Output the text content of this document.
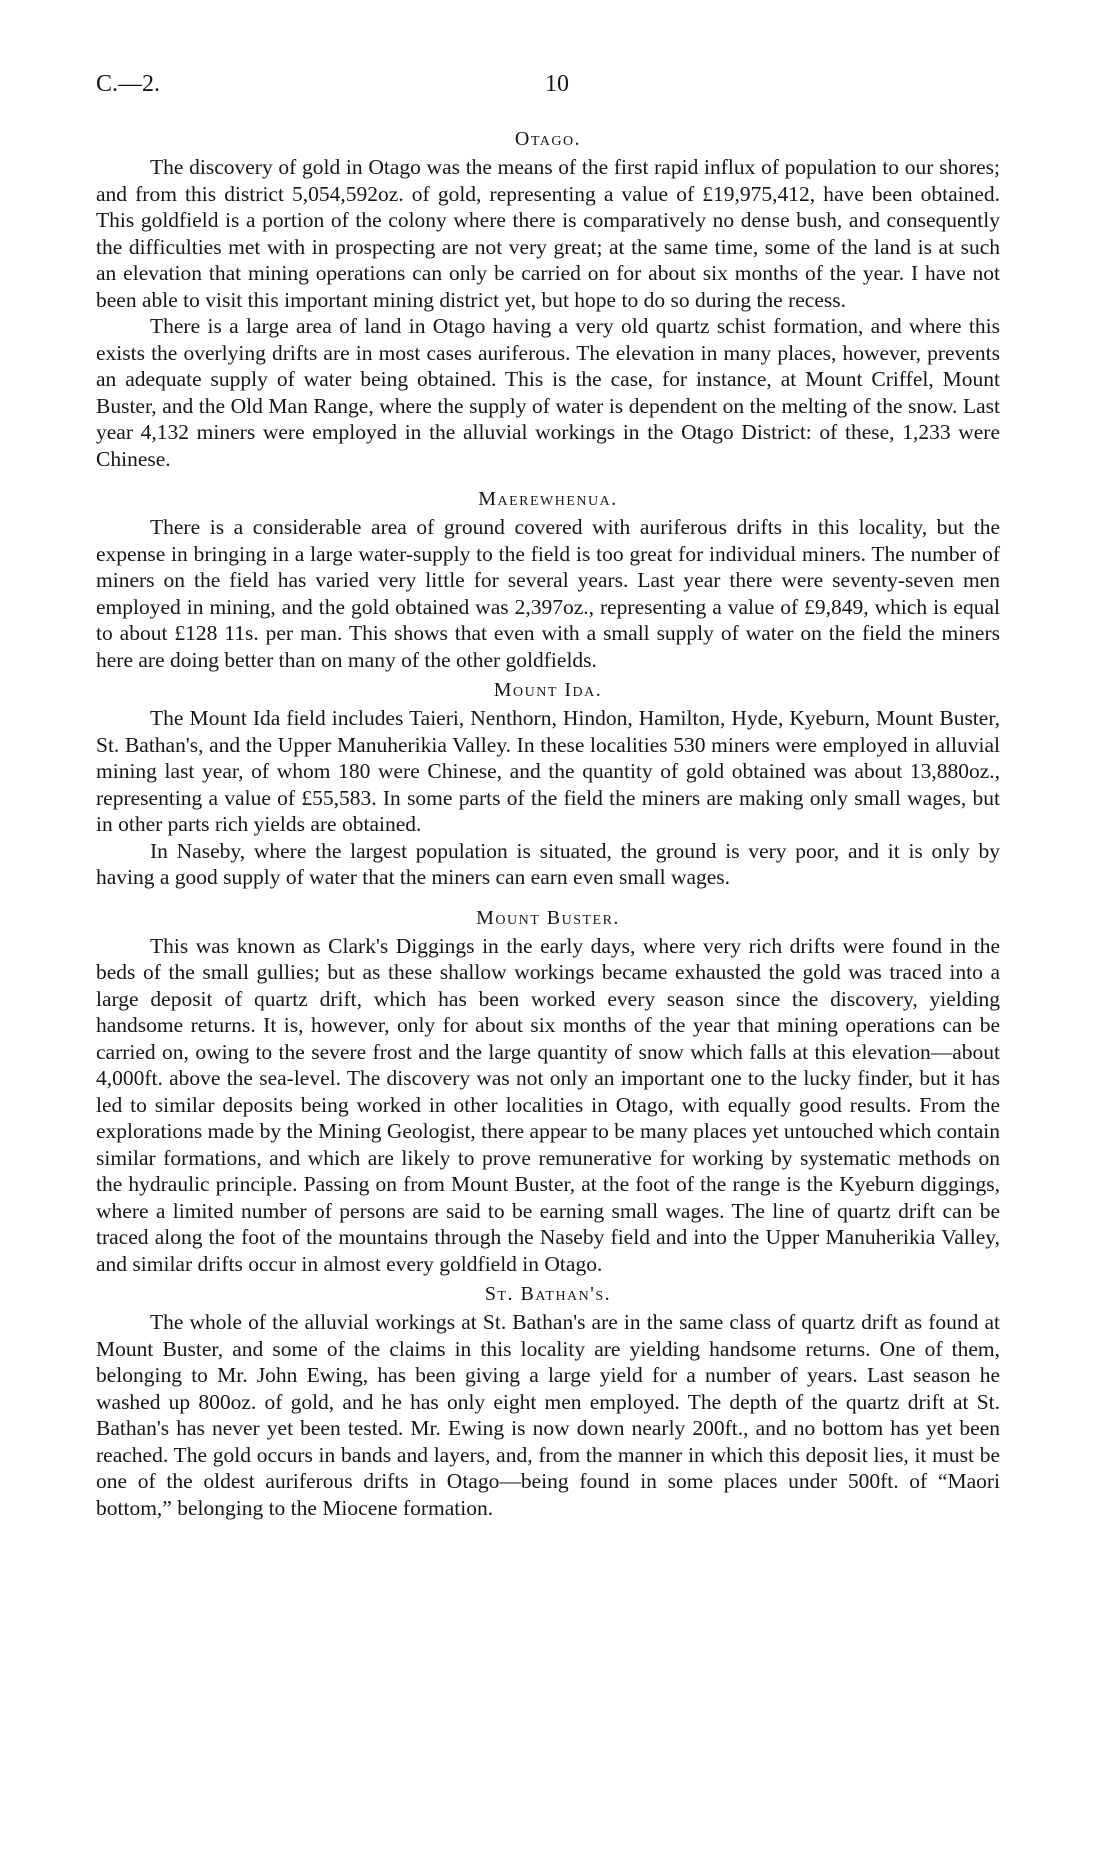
C.—2.	10
Otago.

The discovery of gold in Otago was the means of the first rapid influx of population to our shores; and from this district 5,054,592oz. of gold, representing a value of £19,975,412, have been obtained. This goldfield is a portion of the colony where there is comparatively no dense bush, and consequently the difficulties met with in prospecting are not very great; at the same time, some of the land is at such an elevation that mining operations can only be carried on for about six months of the year. I have not been able to visit this important mining district yet, but hope to do so during the recess.

There is a large area of land in Otago having a very old quartz schist formation, and where this exists the overlying drifts are in most cases auriferous. The elevation in many places, however, prevents an adequate supply of water being obtained. This is the case, for instance, at Mount Criffel, Mount Buster, and the Old Man Range, where the supply of water is dependent on the melting of the snow. Last year 4,132 miners were employed in the alluvial workings in the Otago District: of these, 1,233 were Chinese.

Maerewhenua.

There is a considerable area of ground covered with auriferous drifts in this locality, but the expense in bringing in a large water-supply to the field is too great for individual miners. The number of miners on the field has varied very little for several years. Last year there were seventy-seven men employed in mining, and the gold obtained was 2,397oz., representing a value of £9,849, which is equal to about £128 11s. per man. This shows that even with a small supply of water on the field the miners here are doing better than on many of the other goldfields.

Mount Ida.

The Mount Ida field includes Taieri, Nenthorn, Hindon, Hamilton, Hyde, Kyeburn, Mount Buster, St. Bathan's, and the Upper Manuherikia Valley. In these localities 530 miners were employed in alluvial mining last year, of whom 180 were Chinese, and the quantity of gold obtained was about 13,880oz., representing a value of £55,583. In some parts of the field the miners are making only small wages, but in other parts rich yields are obtained.

In Naseby, where the largest population is situated, the ground is very poor, and it is only by having a good supply of water that the miners can earn even small wages.

Mount Buster.

This was known as Clark's Diggings in the early days, where very rich drifts were found in the beds of the small gullies; but as these shallow workings became exhausted the gold was traced into a large deposit of quartz drift, which has been worked every season since the discovery, yielding handsome returns. It is, however, only for about six months of the year that mining operations can be carried on, owing to the severe frost and the large quantity of snow which falls at this elevation—about 4,000ft. above the sea-level. The discovery was not only an important one to the lucky finder, but it has led to similar deposits being worked in other localities in Otago, with equally good results. From the explorations made by the Mining Geologist, there appear to be many places yet untouched which contain similar formations, and which are likely to prove remunerative for working by systematic methods on the hydraulic principle. Passing on from Mount Buster, at the foot of the range is the Kyeburn diggings, where a limited number of persons are said to be earning small wages. The line of quartz drift can be traced along the foot of the mountains through the Naseby field and into the Upper Manuherikia Valley, and similar drifts occur in almost every goldfield in Otago.

St. Bathan's.

The whole of the alluvial workings at St. Bathan's are in the same class of quartz drift as found at Mount Buster, and some of the claims in this locality are yielding handsome returns. One of them, belonging to Mr. John Ewing, has been giving a large yield for a number of years. Last season he washed up 800oz. of gold, and he has only eight men employed. The depth of the quartz drift at St. Bathan's has never yet been tested. Mr. Ewing is now down nearly 200ft., and no bottom has yet been reached. The gold occurs in bands and layers, and, from the manner in which this deposit lies, it must be one of the oldest auriferous drifts in Otago—being found in some places under 500ft. of “Maori bottom,” belonging to the Miocene formation.
